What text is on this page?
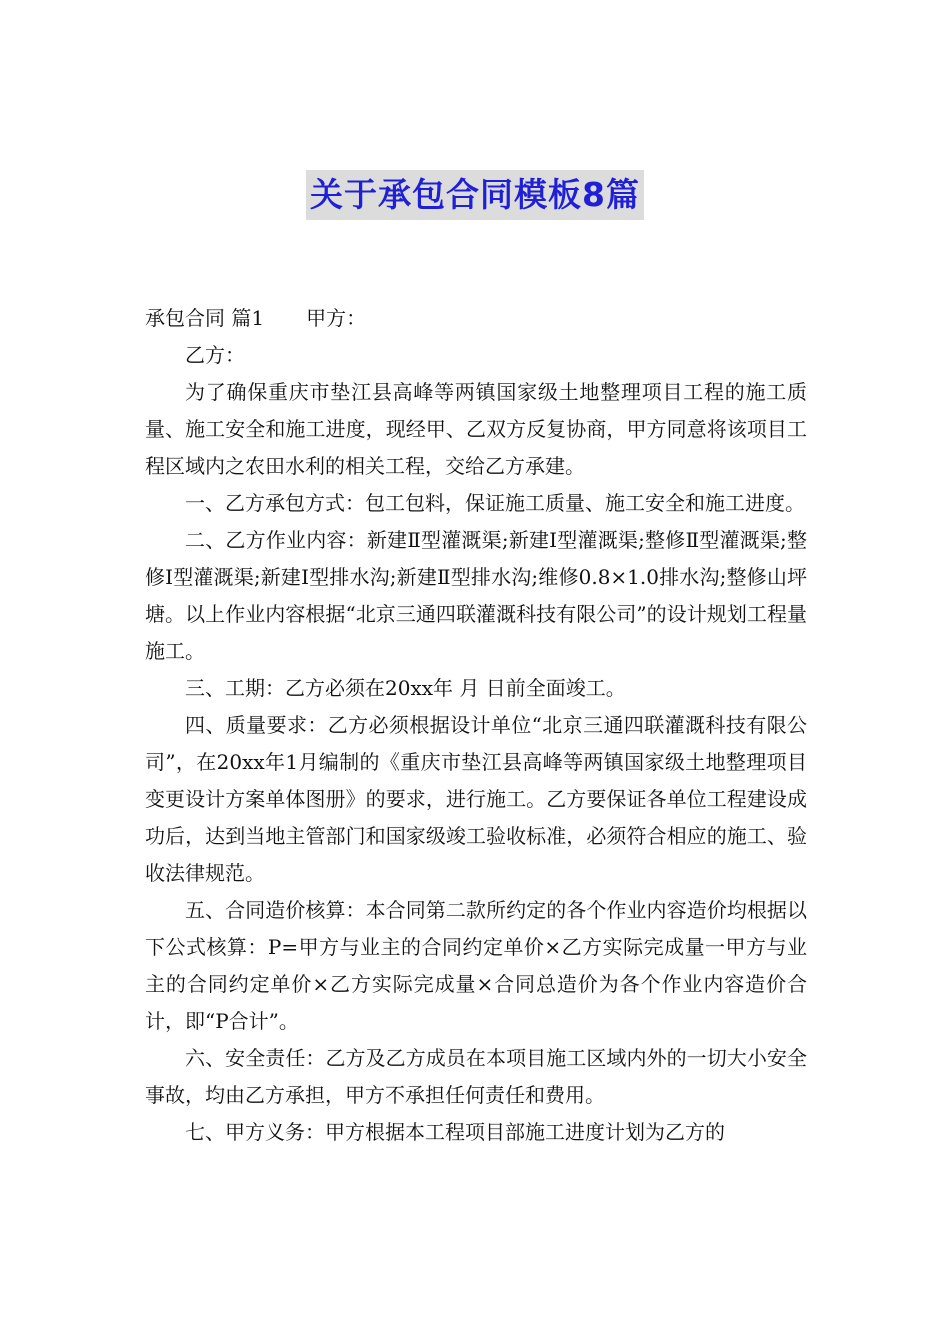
关于承包合同模板8篇

承包合同 篇1 甲方：

乙方：

为了确保重庆市垫江县高峰等两镇国家级土地整理项目工程的施工质量、施工安全和施工进度，现经甲、乙双方反复协商，甲方同意将该项目工程区域内之农田水利的相关工程，交给乙方承建。

一、乙方承包方式：包工包料，保证施工质量、施工安全和施工进度。

二、乙方作业内容：新建Ⅱ型灌溉渠;新建Ⅰ型灌溉渠;整修Ⅱ型灌溉渠;整修Ⅰ型灌溉渠;新建Ⅰ型排水沟;新建Ⅱ型排水沟;维修0.8×1.0排水沟;整修山坪塘。以上作业内容根据“北京三通四联灌溉科技有限公司”的设计规划工程量施工。

三、工期：乙方必须在20xx年 月 日前全面竣工。

四、质量要求：乙方必须根据设计单位“北京三通四联灌溉科技有限公司”，在20xx年1月编制的《重庆市垫江县高峰等两镇国家级土地整理项目变更设计方案单体图册》的要求，进行施工。乙方要保证各单位工程建设成功后，达到当地主管部门和国家级竣工验收标准，必须符合相应的施工、验收法律规范。

五、合同造价核算：本合同第二款所约定的各个作业内容造价均根据以下公式核算：P=甲方与业主的合同约定单价×乙方实际完成量一甲方与业主的合同约定单价×乙方实际完成量×合同总造价为各个作业内容造价合计，即“P合计”。

六、安全责任：乙方及乙方成员在本项目施工区域内外的一切大小安全事故，均由乙方承担，甲方不承担任何责任和费用。

七、甲方义务：甲方根据本工程项目部施工进度计划为乙方的
